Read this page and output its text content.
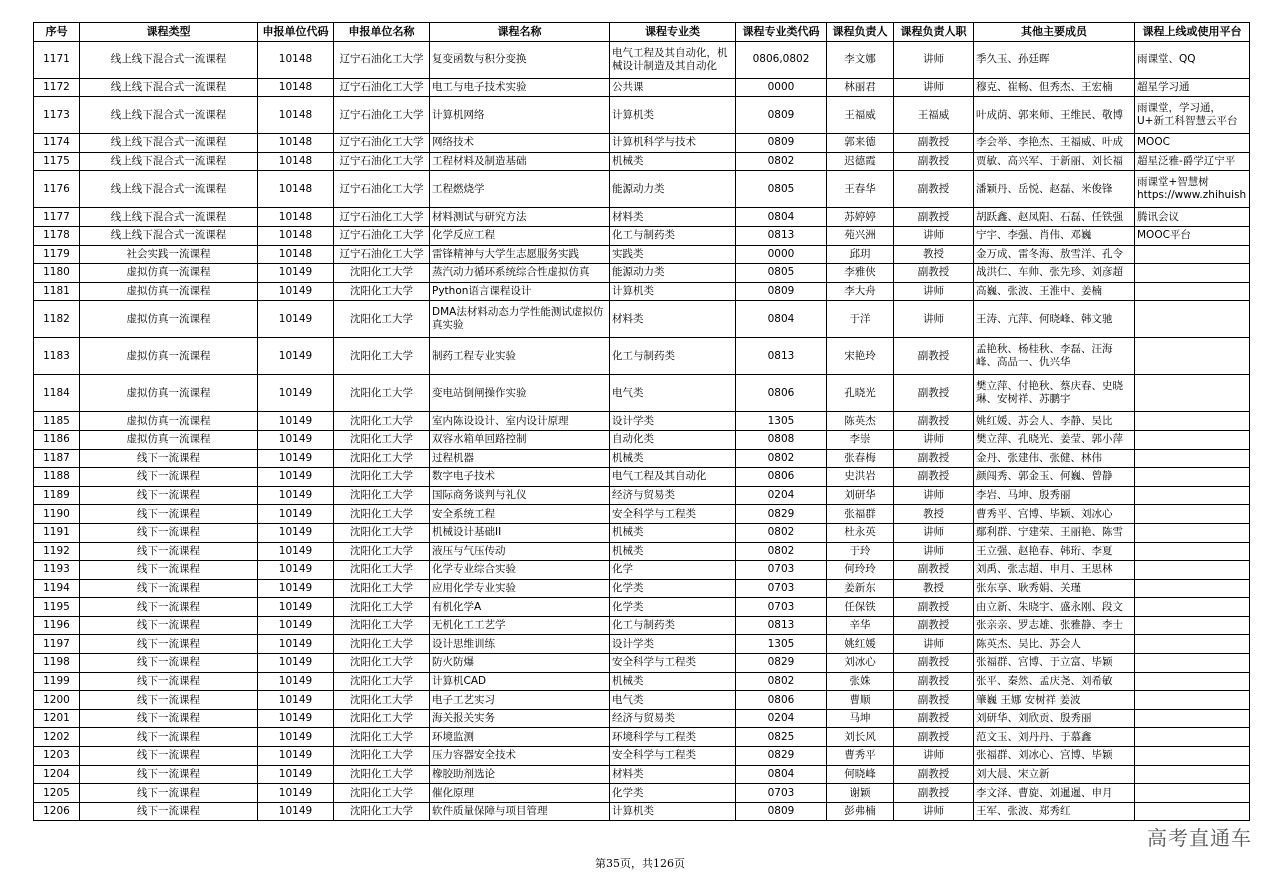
序号	课程类型	申报单位代码	申报单位名称	课程名称	课程专业类	课程专业类代码	课程负责人	课程负责人职	其他主要成员	课程上线或使用平台
1171	线上线下混合式一流课程	10148	辽宁石油化工大学	复变函数与积分变换	电气工程及其自动化，机械设计制造及其自动化	0806,0802	李文娜	讲师	季久玉、孙廷晖	雨课堂、QQ
1172	线上线下混合式一流课程	10148	辽宁石油化工大学	电工与电子技术实验	公共课	0000	林丽君	讲师	穆克、崔畅、但秀杰、王宏楠	超星学习通
1173	线上线下混合式一流课程	10148	辽宁石油化工大学	计算机网络	计算机类	0809	王福威	王福威	叶成荫、郭来师、王维民、敬博	雨课堂，学习通，U+新工科智慧云平台
1174	线上线下混合式一流课程	10148	辽宁石油化工大学	网络技术	计算机科学与技术	0809	郭来德	副教授	李会举、李艳杰、王福威、叶成	MOOC
1175	线上线下混合式一流课程	10148	辽宁石油化工大学	工程材料及制造基础	机械类	0802	迟德霞	副教授	贾敏、高兴军、于新丽、刘长福	超星泛雅-爵学辽宁平
1176	线上线下混合式一流课程	10148	辽宁石油化工大学	工程燃烧学	能源动力类	0805	王春华	副教授	潘颖丹、岳悦、赵磊、米俊锋	雨课堂+智慧树 https://www.zhihuish
1177	线上线下混合式一流课程	10148	辽宁石油化工大学	材料测试与研究方法	材料类	0804	苏婷婷	副教授	胡跃鑫、赵凤阳、石磊、任铁强	腾讯会议
1178	线上线下混合式一流课程	10148	辽宁石油化工大学	化学反应工程	化工与制药类	0813	苑兴洲	讲师	宁宇、李强、肖伟、邓巍	MOOC平台
1179	社会实践一流课程	10148	辽宁石油化工大学	雷锋精神与大学生志愿服务实践	实践类	0000	邱玥	教授	金万成、雷冬海、敖雪洋、孔令	
1180	虚拟仿真一流课程	10149	沈阳化工大学	蒸汽动力循环系统综合性虚拟仿真	能源动力类	0805	李雅侠	副教授	战洪仁、车帅、张先珍、刘彦超	
1181	虚拟仿真一流课程	10149	沈阳化工大学	Python语言课程设计	计算机类	0809	李大舟	讲师	高巍、张波、王淮中、姜楠	
1182	虚拟仿真一流课程	10149	沈阳化工大学	DMA法材料动态力学性能测试虚拟仿真实验	材料类	0804	于洋	讲师	王涛、亢萍、何晓峰、韩文驰	
1183	虚拟仿真一流课程	10149	沈阳化工大学	制药工程专业实验	化工与制药类	0813	宋艳玲	副教授	孟艳秋、杨桂秋、李磊、汪海峰、高品一、仇兴华	
1184	虚拟仿真一流课程	10149	沈阳化工大学	变电站倒闸操作实验	电气类	0806	孔晓光	副教授	樊立萍、付艳秋、蔡庆春、史晓琳、安树祥、苏鹏宇	
1185	虚拟仿真一流课程	10149	沈阳化工大学	室内陈设设计、室内设计原理	设计学类	1305	陈英杰	副教授	姚红媛、苏会人、李静、吴比	
1186	虚拟仿真一流课程	10149	沈阳化工大学	双容水箱单回路控制	自动化类	0808	李崇	讲师	樊立萍、孔晓光、姜莹、郭小萍	
1187	线下一流课程	10149	沈阳化工大学	过程机器	机械类	0802	张春梅	副教授	金丹、张建伟、张健、林伟	
1188	线下一流课程	10149	沈阳化工大学	数字电子技术	电气工程及其自动化	0806	史洪岩	副教授	颜闯秀、郭金玉、何巍、曾静	
1189	线下一流课程	10149	沈阳化工大学	国际商务谈判与礼仪	经济与贸易类	0204	刘研华	讲师	李岩、马坤、殷秀丽	
1190	线下一流课程	10149	沈阳化工大学	安全系统工程	安全科学与工程类	0829	张福群	教授	曹秀平、宫博、毕颖、刘冰心	
1191	线下一流课程	10149	沈阳化工大学	机械设计基础II	机械类	0802	杜永英	讲师	鄢利群、宁建荣、王丽艳、陈雪	
1192	线下一流课程	10149	沈阳化工大学	液压与气压传动	机械类	0802	于玲	讲师	王立强、赵艳春、韩珩、李夏	
1193	线下一流课程	10149	沈阳化工大学	化学专业综合实验	化学	0703	何玲玲	副教授	刘禹、张志超、申月、王思林	
1194	线下一流课程	10149	沈阳化工大学	应用化学专业实验	化学类	0703	姜新东	教授	张东享、耿秀娟、关瑾	
1195	线下一流课程	10149	沈阳化工大学	有机化学A	化学类	0703	任保铁	副教授	由立新、朱晓宇、盛永刚、段文	
1196	线下一流课程	10149	沈阳化工大学	无机化工工艺学	化工与制药类	0813	辛华	副教授	张亲亲、罗志雄、张雅静、李士	
1197	线下一流课程	10149	沈阳化工大学	设计思维训练	设计学类	1305	姚红媛	讲师	陈英杰、吴比、苏会人	
1198	线下一流课程	10149	沈阳化工大学	防火防爆	安全科学与工程类	0829	刘冰心	副教授	张福群、宫博、于立富、毕颖	
1199	线下一流课程	10149	沈阳化工大学	计算机CAD	机械类	0802	张姝	副教授	张平、秦然、孟庆尧、刘希敏	
1200	线下一流课程	10149	沈阳化工大学	电子工艺实习	电气类	0806	曹顺	副教授	肇巍 王娜 安树祥 姜波	
1201	线下一流课程	10149	沈阳化工大学	海关报关实务	经济与贸易类	0204	马坤	副教授	刘研华、刘欣贡、殷秀丽	
1202	线下一流课程	10149	沈阳化工大学	环境监测	环境科学与工程类	0825	刘长风	副教授	范文玉、刘丹丹、于慕鑫	
1203	线下一流课程	10149	沈阳化工大学	压力容器安全技术	安全科学与工程类	0829	曹秀平	讲师	张福群、刘冰心、宫博、毕颖	
1204	线下一流课程	10149	沈阳化工大学	橡胶助剂选论	材料类	0804	何晓峰	副教授	刘大晨、宋立新	
1205	线下一流课程	10149	沈阳化工大学	催化原理	化学类	0703	谢颖	副教授	李文泽、曹旋、刘暹暹、申月	
1206	线下一流课程	10149	沈阳化工大学	软件质量保障与项目管理	计算机类	0809	彭弗楠	讲师	王军、张波、郑秀红	
第35页，共126页
高考直通车
